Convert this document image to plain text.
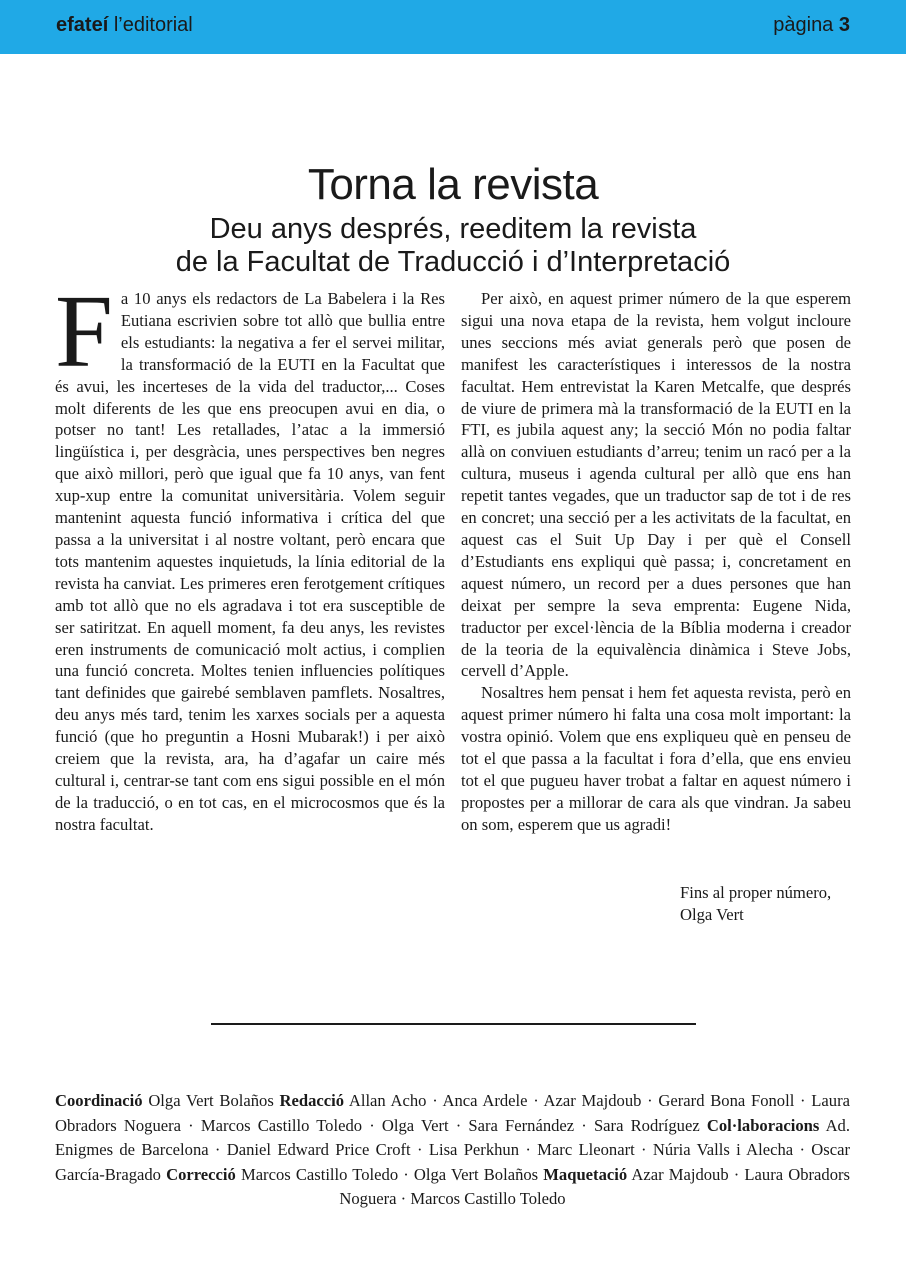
efateí l’editorial	pàgina 3
Torna la revista
Deu anys després, reeditem la revista
de la Facultat de Traducció i d’Interpretació
F a 10 anys els redactors de La Babelera i la Res Eutiana escrivien sobre tot allò que bullia entre els estudiants: la negativa a fer el servei militar, la transformació de la EUTI en la Facultat que és avui, les incerteses de la vida del traductor,... Coses molt diferents de les que ens preocupen avui en dia, o potser no tant! Les retallades, l’atac a la immersió lingüística i, per desgràcia, unes perspectives ben negres que això millori, però que igual que fa 10 anys, van fent xup-xup entre la comunitat universitària. Volem seguir mantenint aquesta funció informativa i crítica del que passa a la universitat i al nostre voltant, però encara que tots mantenim aquestes inquietuds, la línia editorial de la revista ha canviat. Les primeres eren ferotgement crítiques amb tot allò que no els agradava i tot era susceptible de ser satiritzat. En aquell moment, fa deu anys, les revistes eren instruments de comunicació molt actius, i complien una funció concreta. Moltes tenien influencies polítiques tant definides que gairebé semblaven pamflets. Nosaltres, deu anys més tard, tenim les xarxes socials per a aquesta funció (que ho preguntin a Hosni Mubarak!) i per això creiem que la revista, ara, ha d’agafar un caire més cultural i, centrar-se tant com ens sigui possible en el món de la traducció, o en tot cas, en el microcosmos que és la nostra facultat.

Per això, en aquest primer número de la que esperem sigui una nova etapa de la revista, hem volgut incloure unes seccions més aviat generals però que posen de manifest les característiques i interessos de la nostra facultat. Hem entrevistat la Karen Metcalfe, que després de viure de primera mà la transformació de la EUTI en la FTI, es jubila aquest any; la secció Món no podia faltar allà on conviuen estudiants d’arreu; tenim un racó per a la cultura, museus i agenda cultural per allò que ens han repetit tantes vegades, que un traductor sap de tot i de res en concret; una secció per a les activitats de la facultat, en aquest cas el Suit Up Day i per què el Consell d’Estudiants ens expliqui què passa; i, concretament en aquest número, un record per a dues persones que han deixat per sempre la seva emprenta: Eugene Nida, traductor per excel·lència de la Bíblia moderna i creador de la teoria de la equivalència dinàmica i Steve Jobs, cervell d’Apple.

Nosaltres hem pensat i hem fet aquesta revista, però en aquest primer número hi falta una cosa molt important: la vostra opinió. Volem que ens expliqueu què en penseu de tot el que passa a la facultat i fora d’ella, que ens envieu tot el que pugueu haver trobat a faltar en aquest número i propostes per a millorar de cara als que vindran. Ja sabeu on som, esperem que us agradi!

Fins al proper número,
Olga Vert
Coordinació Olga Vert Bolaños Redacció Allan Acho · Anca Ardele · Azar Majdoub · Gerard Bona Fonoll · Laura Obradors Noguera · Marcos Castillo Toledo · Olga Vert · Sara Fernández · Sara Rodríguez Col·laboracions Ad. Enigmes de Barcelona · Daniel Edward Price Croft · Lisa Perkhun · Marc Lleonart · Núria Valls i Alecha · Oscar García-Bragado Correcció Marcos Castillo Toledo · Olga Vert Bolaños Maquetació Azar Majdoub · Laura Obradors Noguera · Marcos Castillo Toledo
